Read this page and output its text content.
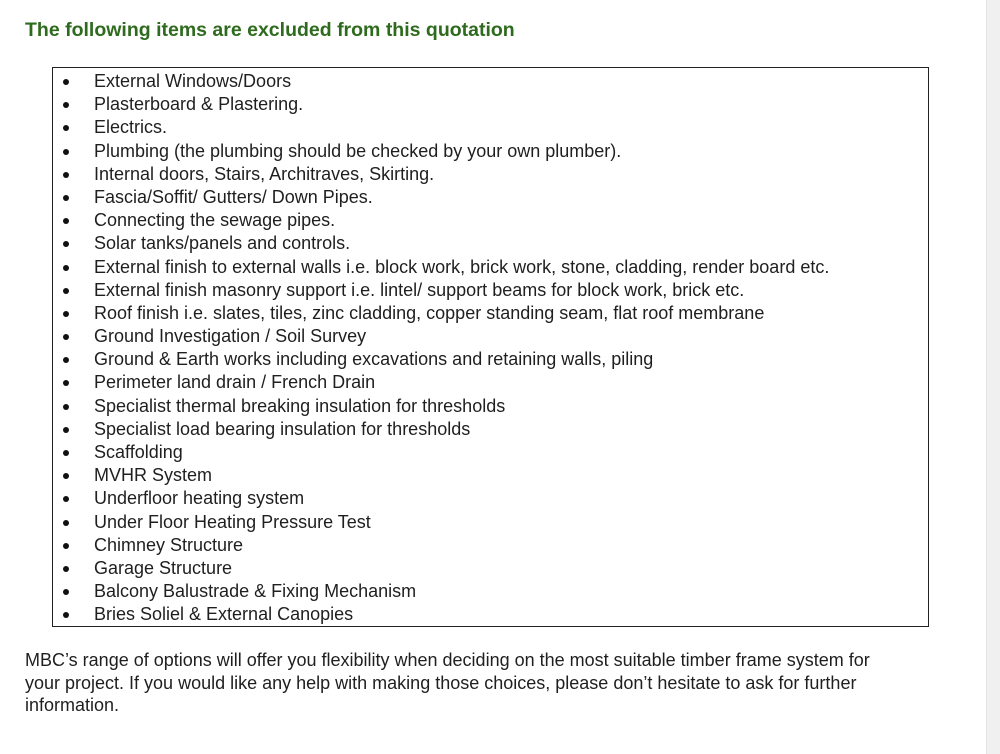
The following items are excluded from this quotation
External Windows/Doors
Plasterboard & Plastering.
Electrics.
Plumbing (the plumbing should be checked by your own plumber).
Internal doors, Stairs, Architraves, Skirting.
Fascia/Soffit/ Gutters/ Down Pipes.
Connecting the sewage pipes.
Solar tanks/panels and controls.
External finish to external walls i.e. block work, brick work, stone, cladding, render board etc.
External finish masonry support i.e. lintel/ support beams for block work, brick etc.
Roof finish i.e. slates, tiles, zinc cladding, copper standing seam, flat roof membrane
Ground Investigation / Soil Survey
Ground & Earth works including excavations and retaining walls, piling
Perimeter land drain / French Drain
Specialist thermal breaking insulation for thresholds
Specialist load bearing insulation for thresholds
Scaffolding
MVHR System
Underfloor heating system
Under Floor Heating Pressure Test
Chimney Structure
Garage Structure
Balcony Balustrade & Fixing Mechanism
Bries Soliel & External Canopies
MBC’s range of options will offer you flexibility when deciding on the most suitable timber frame system for
your project. If you would like any help with making those choices, please don’t hesitate to ask for further
information.
